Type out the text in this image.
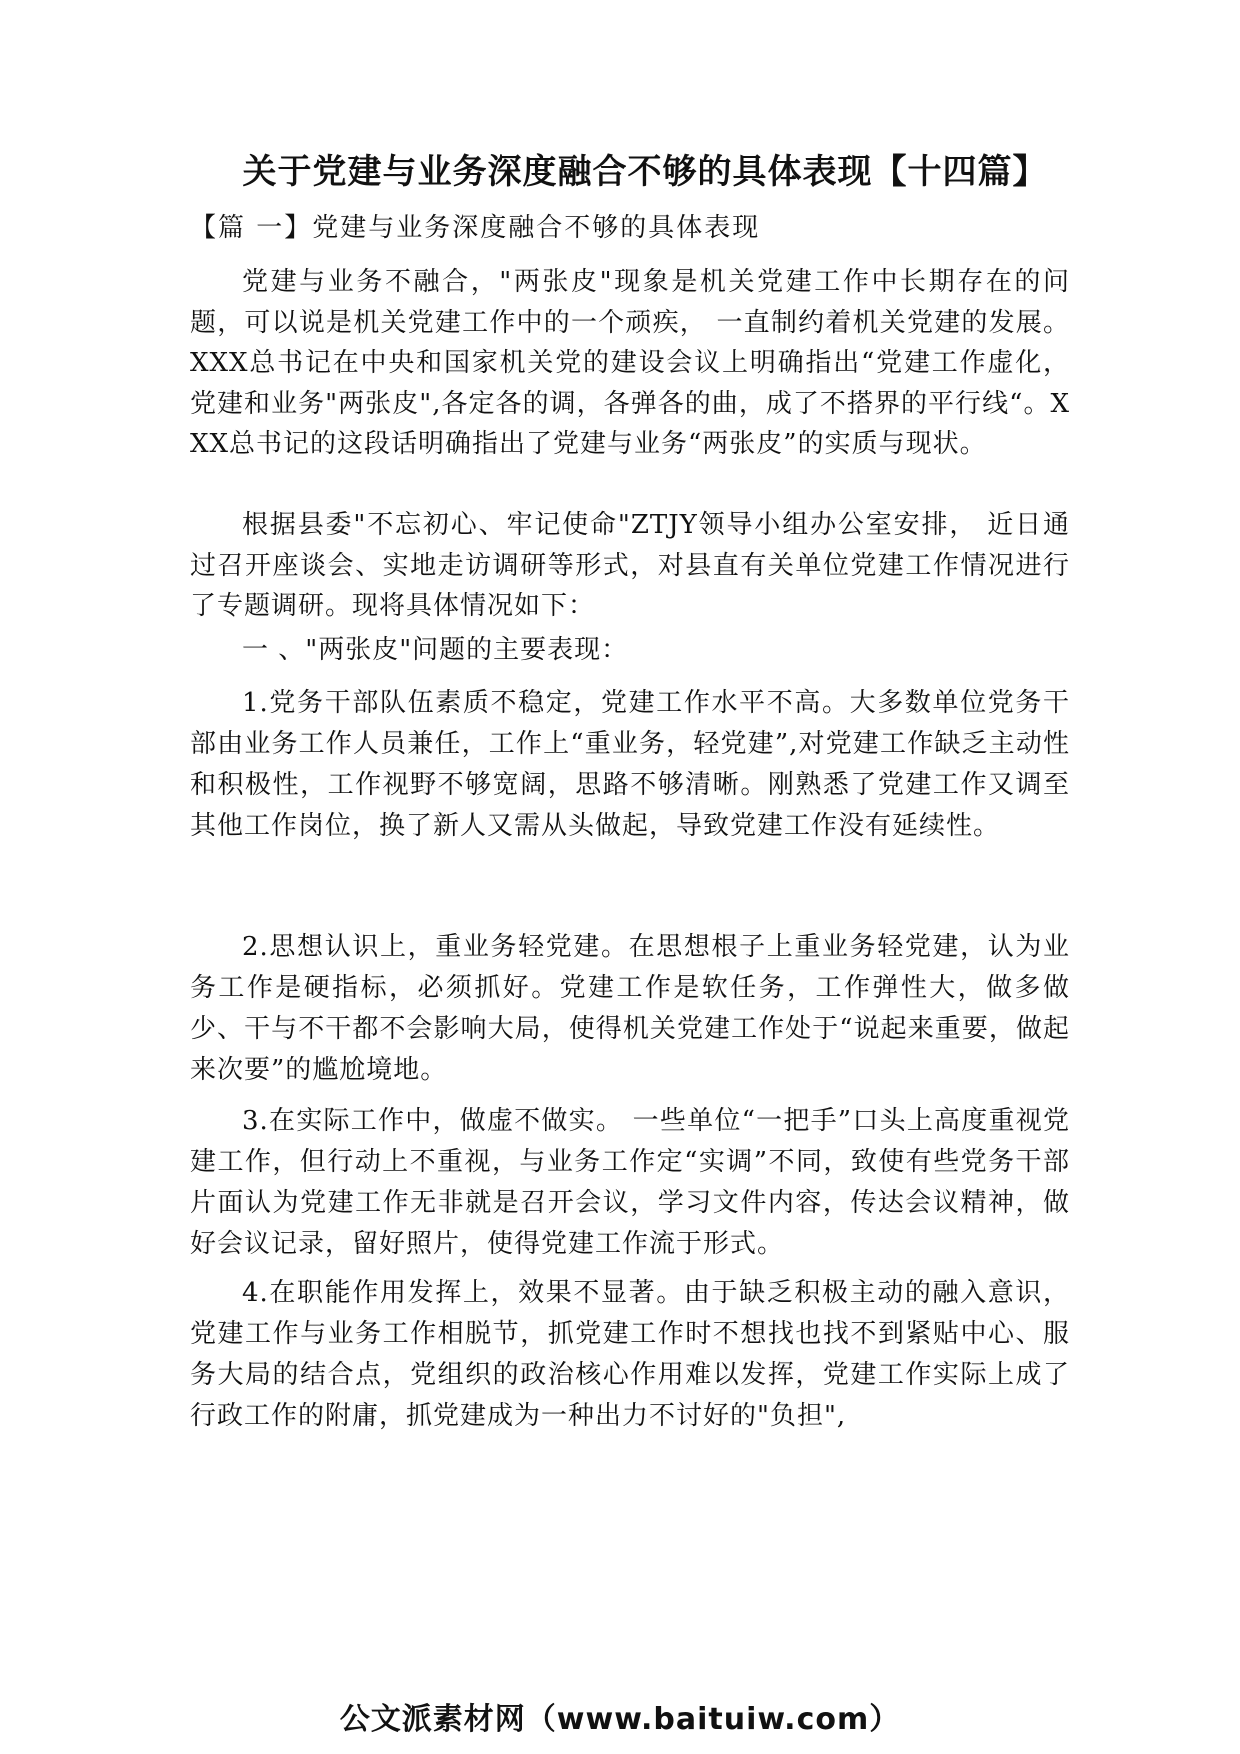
关于党建与业务深度融合不够的具体表现【十四篇】
【篇 一】党建与业务深度融合不够的具体表现

党建与业务不融合，"两张皮"现象是机关党建工作中长期存在的问题，可以说是机关党建工作中的一个顽疾， 一直制约着机关党建的发展。XXX总书记在中央和国家机关党的建设会议上明确指出“党建工作虚化，党建和业务"两张皮",各定各的调，各弹各的曲，成了不搭界的平行线“。XXX总书记的这段话明确指出了党建与业务“两张皮”的实质与现状。

根据县委"不忘初心、牢记使命"ZTJY领导小组办公室安排， 近日通过召开座谈会、实地走访调研等形式，对县直有关单位党建工作情况进行了专题调研。现将具体情况如下：

一 、"两张皮"问题的主要表现：

1.党务干部队伍素质不稳定，党建工作水平不高。大多数单位党务干部由业务工作人员兼任，工作上“重业务，轻党建”,对党建工作缺乏主动性和积极性，工作视野不够宽阔，思路不够清晰。刚熟悉了党建工作又调至其他工作岗位，换了新人又需从头做起，导致党建工作没有延续性。

2.思想认识上，重业务轻党建。在思想根子上重业务轻党建，认为业务工作是硬指标，必须抓好。党建工作是软任务，工作弹性大，做多做少、干与不干都不会影响大局，使得机关党建工作处于“说起来重要，做起来次要”的尴尬境地。

3.在实际工作中，做虚不做实。 一些单位“一把手”口头上高度重视党建工作，但行动上不重视，与业务工作定“实调”不同，致使有些党务干部片面认为党建工作无非就是召开会议，学习文件内容，传达会议精神，做好会议记录，留好照片，使得党建工作流于形式。

4.在职能作用发挥上，效果不显著。由于缺乏积极主动的融入意识，党建工作与业务工作相脱节，抓党建工作时不想找也找不到紧贴中心、服务大局的结合点，党组织的政治核心作用难以发挥，党建工作实际上成了行政工作的附庸，抓党建成为一种出力不讨好的"负担",

公文派素材网（www.baituiw.com）
